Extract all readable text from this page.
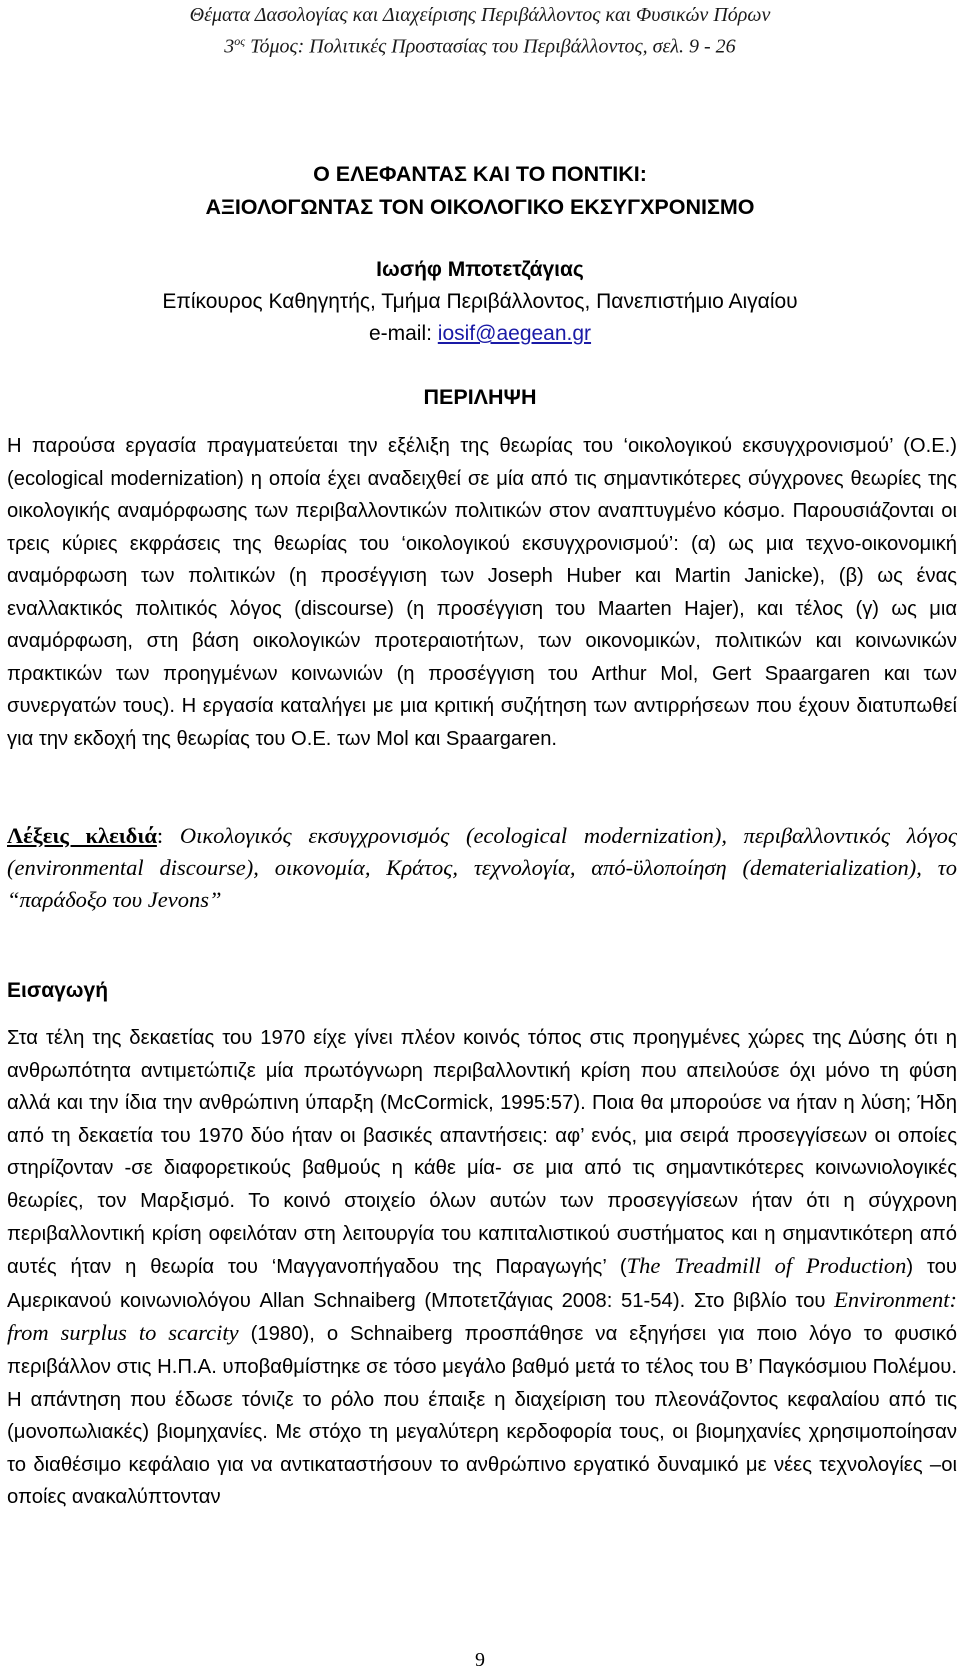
Θέματα Δασολογίας και Διαχείρισης Περιβάλλοντος και Φυσικών Πόρων
$3^{o\varsigma}$ Τόμος: Πολιτικές Προστασίας του Περιβάλλοντος, σελ. 9 - 26
Ο ΕΛΕΦΑΝΤΑΣ ΚΑΙ ΤΟ ΠΟΝΤΙΚΙ:
ΑΞΙΟΛΟΓΩΝΤΑΣ ΤΟΝ ΟΙΚΟΛΟΓΙΚΟ ΕΚΣΥΓΧΡΟΝΙΣΜΟ
Ιωσήφ Μποτετζάγιας
Επίκουρος Καθηγητής, Τμήμα Περιβάλλοντος, Πανεπιστήμιο Αιγαίου
e-mail: iosif@aegean.gr
ΠΕΡΙΛΗΨΗ

Η παρούσα εργασία πραγματεύεται την εξέλιξη της θεωρίας του ‘οικολογικού εκσυγχρονισμού’ (Ο.Ε.) (ecological modernization) η οποία έχει αναδειχθεί σε μία από τις σημαντικότερες σύγχρονες θεωρίες της οικολογικής αναμόρφωσης των περιβαλλοντικών πολιτικών στον αναπτυγμένο κόσμο. Παρουσιάζονται οι τρεις κύριες εκφράσεις της θεωρίας του ‘οικολογικού εκσυγχρονισμού’: (α) ως μια τεχνο-οικονομική αναμόρφωση των πολιτικών (η προσέγγιση των Joseph Huber και Martin Janicke), (β) ως ένας εναλλακτικός πολιτικός λόγος (discourse) (η προσέγγιση του Maarten Hajer), και τέλος (γ) ως μια αναμόρφωση, στη βάση οικολογικών προτεραιοτήτων, των οικονομικών, πολιτικών και κοινωνικών πρακτικών των προηγμένων κοινωνιών (η προσέγγιση του Arthur Mol, Gert Spaargaren και των συνεργατών τους). Η εργασία καταλήγει με μια κριτική συζήτηση των αντιρρήσεων που έχουν διατυπωθεί για την εκδοχή της θεωρίας του Ο.Ε. των Mol και Spaargaren.

Λέξεις κλειδιά: Οικολογικός εκσυγχρονισμός (ecological modernization), περιβαλλοντικός λόγος (environmental discourse), οικονομία, Κράτος, τεχνολογία, από-ϋλοποίηση (dematerialization), το “παράδοξο του Jevons”

Εισαγωγή

Στα τέλη της δεκαετίας του 1970 είχε γίνει πλέον κοινός τόπος στις προηγμένες χώρες της Δύσης ότι η ανθρωπότητα αντιμετώπιζε μία πρωτόγνωρη περιβαλλοντική κρίση που απειλούσε όχι μόνο τη φύση αλλά και την ίδια την ανθρώπινη ύπαρξη (McCormick, 1995:57). Ποια θα μπορούσε να ήταν η λύση; Ήδη από τη δεκαετία του 1970 δύο ήταν οι βασικές απαντήσεις: αφ’ ενός, μια σειρά προσεγγίσεων οι οποίες στηρίζονταν -σε διαφορετικούς βαθμούς η κάθε μία- σε μια από τις σημαντικότερες κοινωνιολογικές θεωρίες, τον Μαρξισμό. Το κοινό στοιχείο όλων αυτών των προσεγγίσεων ήταν ότι η σύγχρονη περιβαλλοντική κρίση οφειλόταν στη λειτουργία του καπιταλιστικού συστήματος και η σημαντικότερη από αυτές ήταν η θεωρία του ‘Μαγγανοπήγαδου της Παραγωγής’ (The Treadmill of Production) του Αμερικανού κοινωνιολόγου Allan Schnaiberg (Μποτετζάγιας 2008: 51-54). Στο βιβλίο του Environment: from surplus to scarcity (1980), ο Schnaiberg προσπάθησε να εξηγήσει για ποιο λόγο το φυσικό περιβάλλον στις Η.Π.Α. υποβαθμίστηκε σε τόσο μεγάλο βαθμό μετά το τέλος του Β’ Παγκόσμιου Πολέμου. Η απάντηση που έδωσε τόνιζε το ρόλο που έπαιξε η διαχείριση του πλεονάζοντος κεφαλαίου από τις (μονοπωλιακές) βιομηχανίες. Με στόχο τη μεγαλύτερη κερδοφορία τους, οι βιομηχανίες χρησιμοποίησαν το διαθέσιμο κεφάλαιο για να αντικαταστήσουν το ανθρώπινο εργατικό δυναμικό με νέες τεχνολογίες –οι οποίες ανακαλύπτονταν

9
